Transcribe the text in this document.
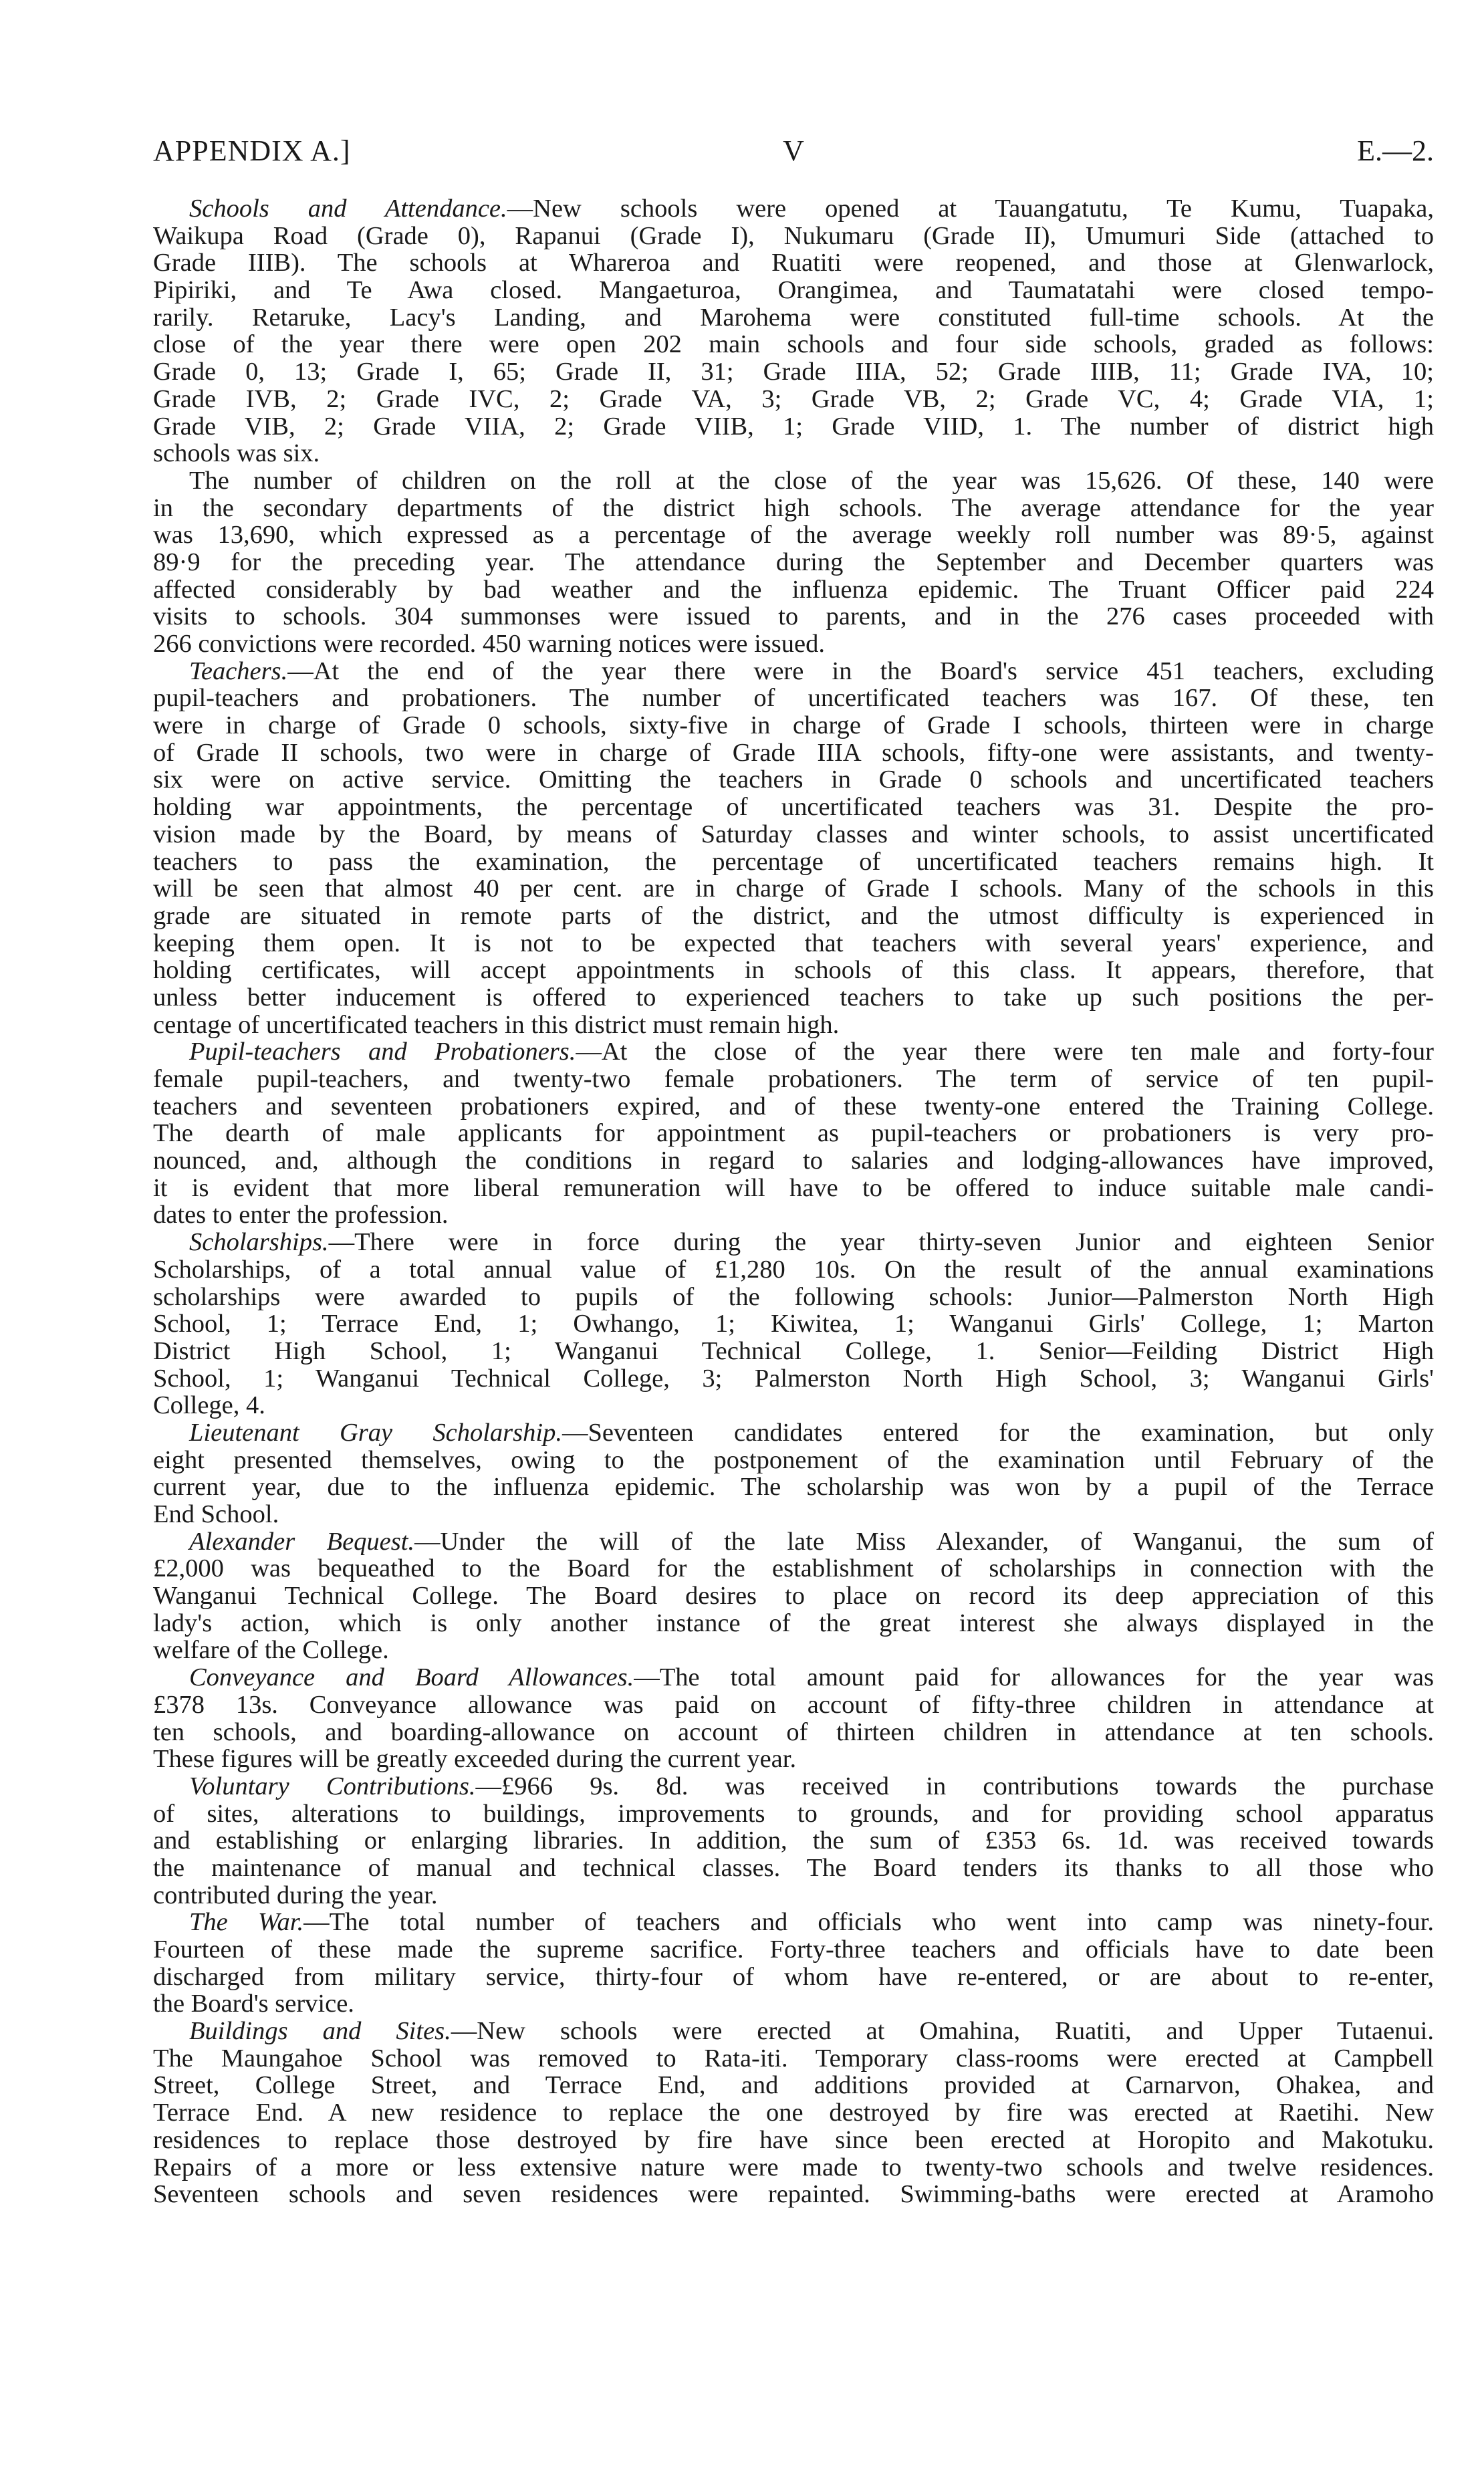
V
APPENDIX A.]	E.—2.
Schools and Attendance.—New schools were opened at Tauangatutu, Te Kumu, Tuapaka,
Waikupa Road (Grade 0), Rapanui (Grade I), Nukumaru (Grade II), Umumuri Side (attached to
Grade IIIB). The schools at Whareroa and Ruatiti were reopened, and those at Glenwarlock,
Pipiriki, and Te Awa closed. Mangaeturoa, Orangimea, and Taumatatahi were closed tempo-
rarily. Retaruke, Lacy's Landing, and Marohema were constituted full-time schools. At the
close of the year there were open 202 main schools and four side schools, graded as follows:
Grade 0, 13; Grade I, 65; Grade II, 31; Grade IIIA, 52; Grade IIIB, 11; Grade IVA, 10;
Grade IVB, 2; Grade IVC, 2; Grade VA, 3; Grade VB, 2; Grade VC, 4; Grade VIA, 1;
Grade VIB, 2; Grade VIIA, 2; Grade VIIB, 1; Grade VIID, 1. The number of district high
schools was six.
The number of children on the roll at the close of the year was 15,626. Of these, 140 were
in the secondary departments of the district high schools. The average attendance for the year
was 13,690, which expressed as a percentage of the average weekly roll number was 89·5, against
89·9 for the preceding year. The attendance during the September and December quarters was
affected considerably by bad weather and the influenza epidemic. The Truant Officer paid 224
visits to schools. 304 summonses were issued to parents, and in the 276 cases proceeded with
266 convictions were recorded. 450 warning notices were issued.
Teachers.—At the end of the year there were in the Board's service 451 teachers, excluding
pupil-teachers and probationers. The number of uncertificated teachers was 167. Of these, ten
were in charge of Grade 0 schools, sixty-five in charge of Grade I schools, thirteen were in charge
of Grade II schools, two were in charge of Grade IIIA schools, fifty-one were assistants, and twenty-
six were on active service. Omitting the teachers in Grade 0 schools and uncertificated teachers
holding war appointments, the percentage of uncertificated teachers was 31. Despite the pro-
vision made by the Board, by means of Saturday classes and winter schools, to assist uncertificated
teachers to pass the examination, the percentage of uncertificated teachers remains high. It
will be seen that almost 40 per cent. are in charge of Grade I schools. Many of the schools in this
grade are situated in remote parts of the district, and the utmost difficulty is experienced in
keeping them open. It is not to be expected that teachers with several years' experience, and
holding certificates, will accept appointments in schools of this class. It appears, therefore, that
unless better inducement is offered to experienced teachers to take up such positions the per-
centage of uncertificated teachers in this district must remain high.
Pupil-teachers and Probationers.—At the close of the year there were ten male and forty-four
female pupil-teachers, and twenty-two female probationers. The term of service of ten pupil-
teachers and seventeen probationers expired, and of these twenty-one entered the Training College.
The dearth of male applicants for appointment as pupil-teachers or probationers is very pro-
nounced, and, although the conditions in regard to salaries and lodging-allowances have improved,
it is evident that more liberal remuneration will have to be offered to induce suitable male candi-
dates to enter the profession.
Scholarships.—There were in force during the year thirty-seven Junior and eighteen Senior
Scholarships, of a total annual value of £1,280 10s. On the result of the annual examinations
scholarships were awarded to pupils of the following schools: Junior—Palmerston North High
School, 1; Terrace End, 1; Owhango, 1; Kiwitea, 1; Wanganui Girls' College, 1; Marton
District High School, 1; Wanganui Technical College, 1. Senior—Feilding District High
School, 1; Wanganui Technical College, 3; Palmerston North High School, 3; Wanganui Girls'
College, 4.
Lieutenant Gray Scholarship.—Seventeen candidates entered for the examination, but only
eight presented themselves, owing to the postponement of the examination until February of the
current year, due to the influenza epidemic. The scholarship was won by a pupil of the Terrace
End School.
Alexander Bequest.—Under the will of the late Miss Alexander, of Wanganui, the sum of
£2,000 was bequeathed to the Board for the establishment of scholarships in connection with the
Wanganui Technical College. The Board desires to place on record its deep appreciation of this
lady's action, which is only another instance of the great interest she always displayed in the
welfare of the College.
Conveyance and Board Allowances.—The total amount paid for allowances for the year was
£378 13s. Conveyance allowance was paid on account of fifty-three children in attendance at
ten schools, and boarding-allowance on account of thirteen children in attendance at ten schools.
These figures will be greatly exceeded during the current year.
Voluntary Contributions.—£966 9s. 8d. was received in contributions towards the purchase
of sites, alterations to buildings, improvements to grounds, and for providing school apparatus
and establishing or enlarging libraries. In addition, the sum of £353 6s. 1d. was received towards
the maintenance of manual and technical classes. The Board tenders its thanks to all those who
contributed during the year.
The War.—The total number of teachers and officials who went into camp was ninety-four.
Fourteen of these made the supreme sacrifice. Forty-three teachers and officials have to date been
discharged from military service, thirty-four of whom have re-entered, or are about to re-enter,
the Board's service.
Buildings and Sites.—New schools were erected at Omahina, Ruatiti, and Upper Tutaenui.
The Maungahoe School was removed to Rata-iti. Temporary class-rooms were erected at Campbell
Street, College Street, and Terrace End, and additions provided at Carnarvon, Ohakea, and
Terrace End. A new residence to replace the one destroyed by fire was erected at Raetihi. New
residences to replace those destroyed by fire have since been erected at Horopito and Makotuku.
Repairs of a more or less extensive nature were made to twenty-two schools and twelve residences.
Seventeen schools and seven residences were repainted. Swimming-baths were erected at Aramoho
